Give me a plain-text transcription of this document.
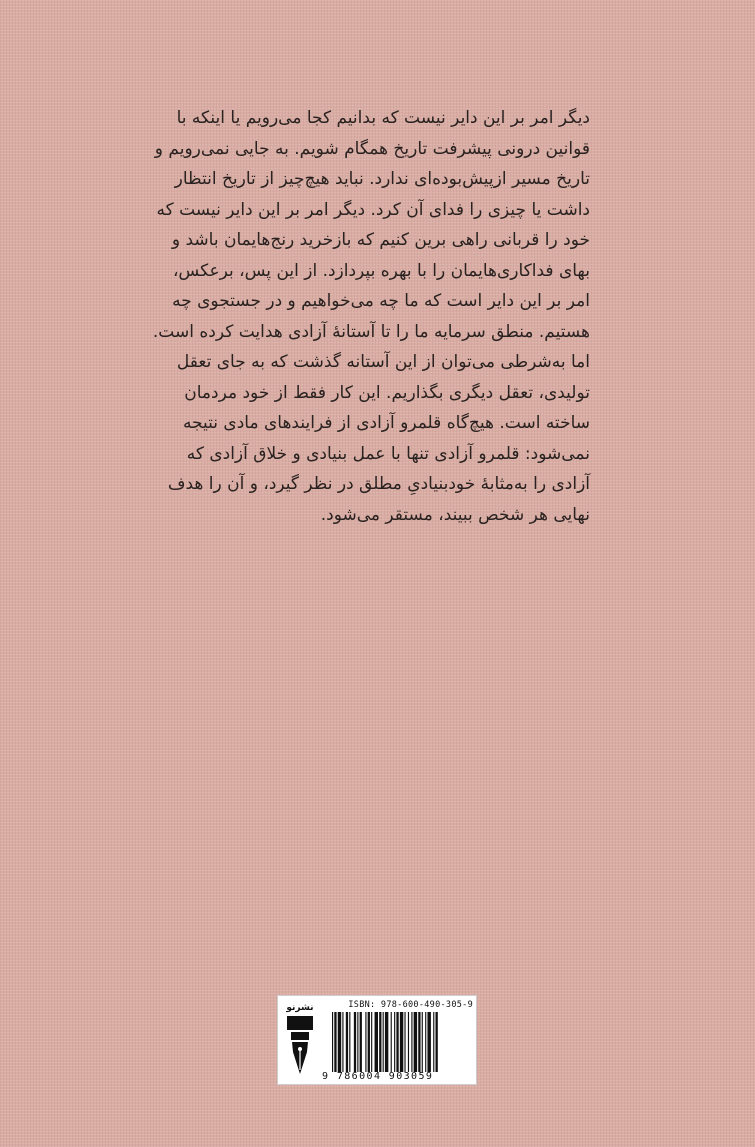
دیگر امر بر این دایر نیست که بدانیم کجا می‌رویم یا اینکه با

قوانین درونی پیشرفت تاریخ همگام شویم. به جایی نمی‌رویم و

تاریخ مسیر از‌پیش‌بوده‌ای ندارد. نباید هیچ‌چیز از تاریخ انتظار

داشت یا چیزی را فدای آن کرد. دیگر امر بر این دایر نیست که

خود را قربانی راهی برین کنیم که بازخرید رنج‌هایمان باشد و

بهای فداکاری‌هایمان را با بهره بپردازد. از این پس، برعکس،

امر بر این دایر است که ما چه می‌خواهیم و در جستجوی چه

هستیم. منطق سرمایه ما را تا آستانهٔ آزادی هدایت کرده است.

اما به‌شرطی می‌توان از این آستانه گذشت که به جای تعقل

تولیدی، تعقل دیگری بگذاریم. این کار فقط از خود مردمان

ساخته است. هیچ‌گاه قلمرو آزادی از فرایندهای مادی نتیجه

نمی‌شود: قلمرو آزادی تنها با عمل بنیادی و خلاق آزادی که

آزادی را به‌مثابهٔ خودبنیادیِ مطلق در نظر گیرد، و آن را هدف

نهایی هر شخص ببیند، مستقر می‌شود.

نشرنو	ISBN: 978-600-490-305-9
9 786004 903059
